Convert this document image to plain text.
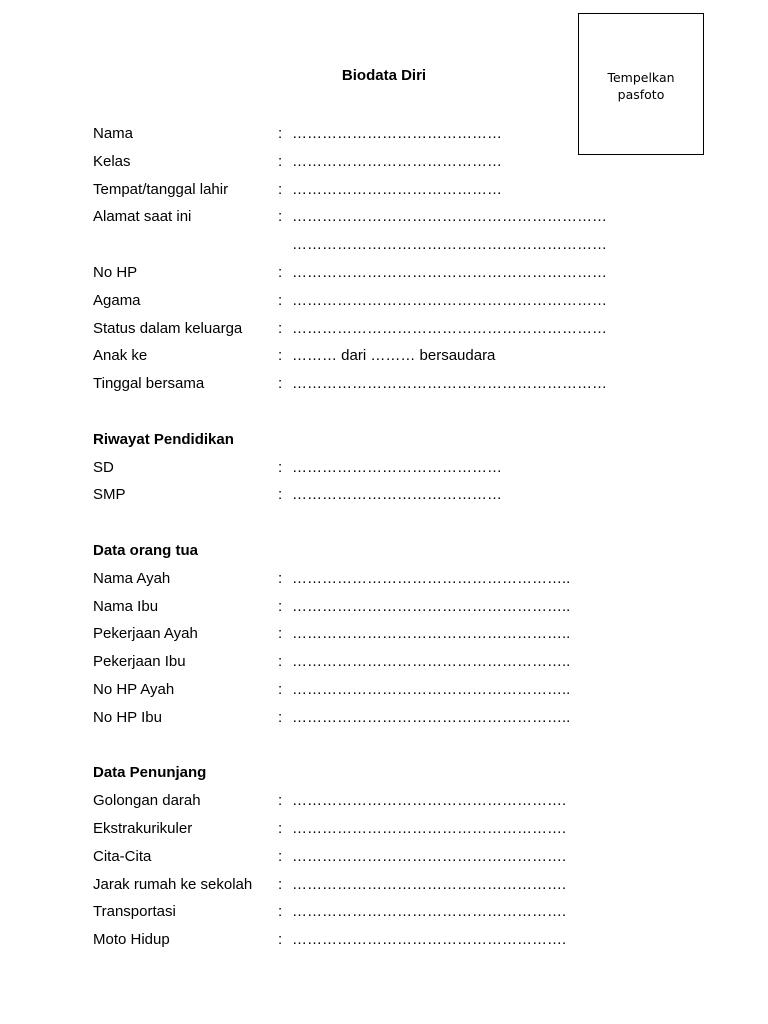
Tempelkan pasfoto
Biodata Diri
Nama	: ……………………………………
Kelas	: ……………………………………
Tempat/tanggal lahir	: ……………………………………
Alamat saat ini	: ………………………………………………………
………………………………………………………
No HP	: ………………………………………………………
Agama	: ………………………………………………………
Status dalam keluarga : ………………………………………………………
Anak ke	: ……… dari ……… bersaudara
Tinggal bersama	: ………………………………………………………
Riwayat Pendidikan
SD	: ……………………………………
SMP	: ……………………………………
Data orang tua
Nama Ayah	: ………………………………………………..
Nama Ibu	: ………………………………………………..
Pekerjaan Ayah	: ………………………………………………..
Pekerjaan Ibu	: ………………………………………………..
No HP Ayah	: ………………………………………………..
No HP Ibu	: ………………………………………………..
Data Penunjang
Golongan darah	: ……………………………………………….
Ekstrakurikuler	: ……………………………………………….
Cita-Cita	: ……………………………………………….
Jarak rumah ke sekolah : ……………………………………………….
Transportasi	: ……………………………………………….
Moto Hidup	: ……………………………………………….
